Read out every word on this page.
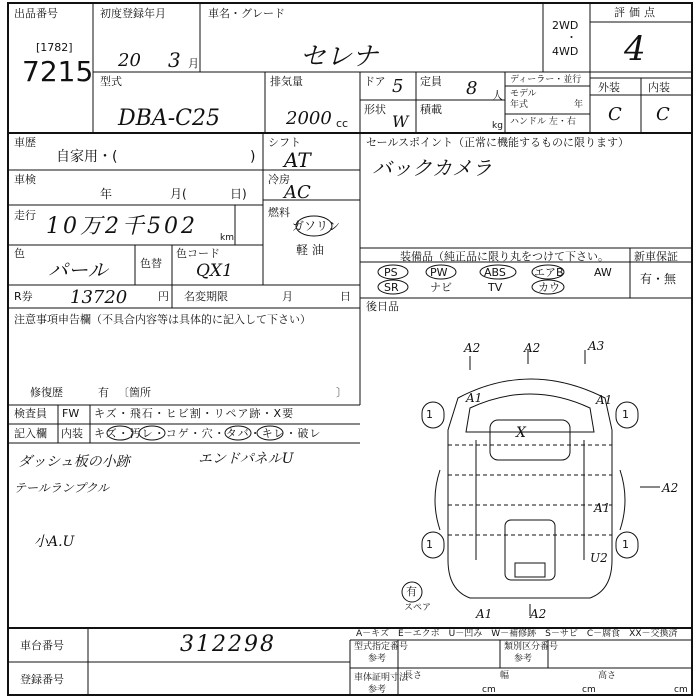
出品番号
[1782]
7215
初度登録年月
20 3 月
車名・グレード
セレナ
2WD
・
4WD
評価点
4
外装	内装
C C
型式
DBA-C25
排気量
2000 cc
ドア 5 定員 8 人
形状
W
積載
kg
ディーラー・並行
モデル
年式	年
ハンドル 左・右
車歴
自家用・(	)
車検
年	月(	日)
走行 10万2千502 km
色
パール	色替
色コード
QX1
シフト
AT
冷房
AC
燃料
ガソリン
軽 油
R券 13720	円 名変期限	月	日
セールスポイント（正常に機能するものに限ります）
バックカメラ
装備品（純正品に限り丸をつけて下さい。 新車保証
PS	PW	ABS	エアB	AW
SR	ナビ	TV	カウ
有・無
後日品
注意事項申告欄（不具合内容等は具体的に記入して下さい）
修復歴	有 〔箇所	〕
検査員
記入欄
FW キズ・飛石・ヒビ割・リペア跡・X要
内装 キズ・汚レ・コゲ・穴・タバ・キレ・破レ
ダッシュ板の小跡	エンドパネルU
テールランプクル
小A.U
A2	A2	A3
A1	A1
A2
A1
U2
A1	A2
X
1	1
1	1
有
スペア
A－キズ　E－エクボ　U－凹み　W－補修跡　S－サビ　C－腐食　XX－交換済
型式指定番号
参考
類別区分番号
参考
車体証明寸法
参考
長さ
cm
幅
cm
高さ
cm
車台番号	312298
登録番号
